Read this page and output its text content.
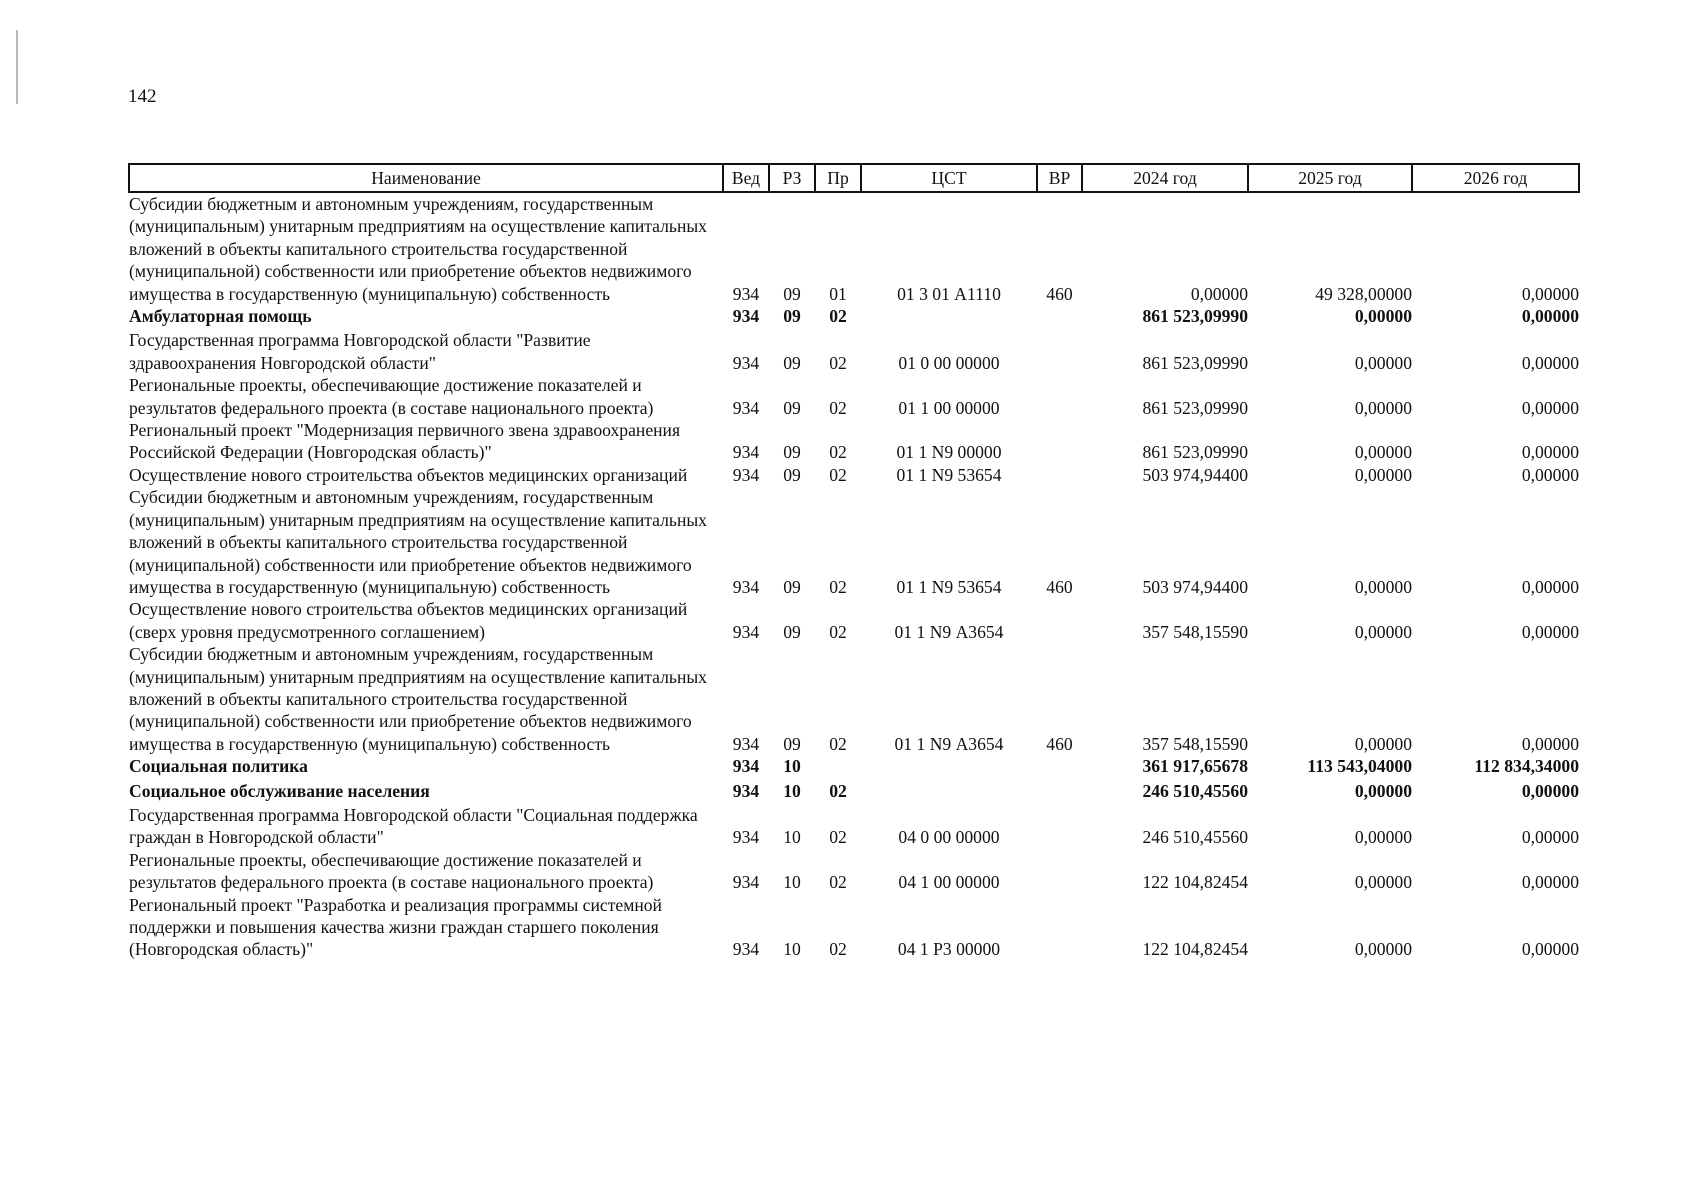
142
Наименование	Вед	РЗ	Пр	ЦСТ	ВР	2024 год	2025 год	2026 год
Субсидии бюджетным и автономным учреждениям, государственным (муниципальным) унитарным предприятиям на осуществление капитальных вложений в объекты капитального строительства государственной (муниципальной) собственности или приобретение объектов недвижимого имущества в государственную (муниципальную) собственность	934	09	01	01 3 01 А1110	460	0,00000	49 328,00000	0,00000
Амбулаторная помощь	934	09	02			861 523,09990	0,00000	0,00000
Государственная программа Новгородской области "Развитие здравоохранения Новгородской области"	934	09	02	01 0 00 00000		861 523,09990	0,00000	0,00000
Региональные проекты, обеспечивающие достижение показателей и результатов федерального проекта (в составе национального проекта)	934	09	02	01 1 00 00000		861 523,09990	0,00000	0,00000
Региональный проект "Модернизация первичного звена здравоохранения Российской Федерации (Новгородская область)"	934	09	02	01 1 N9 00000		861 523,09990	0,00000	0,00000
Осуществление нового строительства объектов медицинских организаций	934	09	02	01 1 N9 53654		503 974,94400	0,00000	0,00000
Субсидии бюджетным и автономным учреждениям, государственным (муниципальным) унитарным предприятиям на осуществление капитальных вложений в объекты капитального строительства государственной (муниципальной) собственности или приобретение объектов недвижимого имущества в государственную (муниципальную) собственность	934	09	02	01 1 N9 53654	460	503 974,94400	0,00000	0,00000
Осуществление нового строительства объектов медицинских организаций (сверх уровня предусмотренного соглашением)	934	09	02	01 1 N9 А3654		357 548,15590	0,00000	0,00000
Субсидии бюджетным и автономным учреждениям, государственным (муниципальным) унитарным предприятиям на осуществление капитальных вложений в объекты капитального строительства государственной (муниципальной) собственности или приобретение объектов недвижимого имущества в государственную (муниципальную) собственность	934	09	02	01 1 N9 А3654	460	357 548,15590	0,00000	0,00000
Социальная политика	934	10				361 917,65678	113 543,04000	112 834,34000
Социальное обслуживание населения	934	10	02			246 510,45560	0,00000	0,00000
Государственная программа Новгородской области "Социальная поддержка граждан в Новгородской области"	934	10	02	04 0 00 00000		246 510,45560	0,00000	0,00000
Региональные проекты, обеспечивающие достижение показателей и результатов федерального проекта (в составе национального проекта)	934	10	02	04 1 00 00000		122 104,82454	0,00000	0,00000
Региональный проект "Разработка и реализация программы системной поддержки и повышения качества жизни граждан старшего поколения (Новгородская область)"	934	10	02	04 1 Р3 00000		122 104,82454	0,00000	0,00000
